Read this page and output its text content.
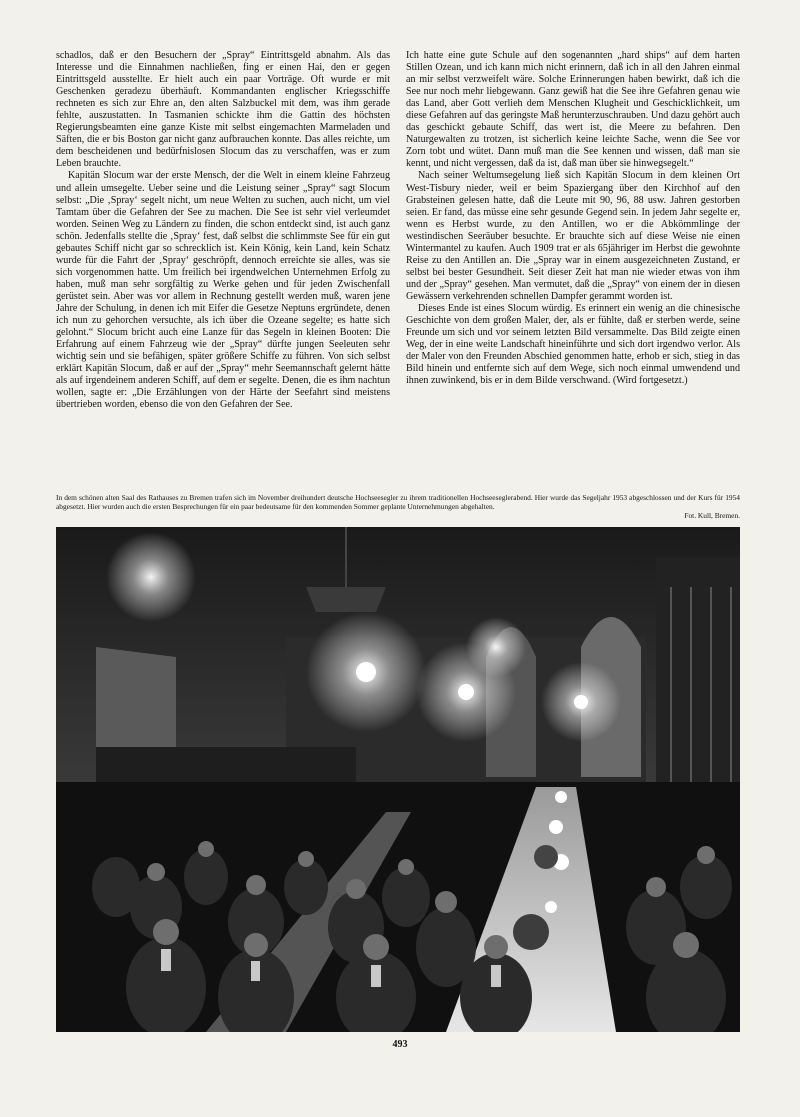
schadlos, daß er den Besuchern der „Spray“ Eintrittsgeld abnahm. Als das Interesse und die Einnahmen nachließen, fing er einen Hai, den er gegen Eintrittsgeld ausstellte. Er hielt auch ein paar Vorträge. Oft wurde er mit Geschenken geradezu überhäuft. Kommandanten englischer Kriegsschiffe rechneten es sich zur Ehre an, den alten Salzbuckel mit dem, was ihm gerade fehlte, auszustatten. In Tasmanien schickte ihm die Gattin des höchsten Regierungsbeamten eine ganze Kiste mit selbst eingemachten Marmeladen und Säften, die er bis Boston gar nicht ganz aufbrauchen konnte. Das alles reichte, um dem bescheidenen und bedürfnislosen Slocum das zu verschaffen, was er zum Leben brauchte.

Kapitän Slocum war der erste Mensch, der die Welt in einem kleine Fahrzeug und allein umsegelte. Ueber seine und die Leistung seiner „Spray“ sagt Slocum selbst: „Die ‚Spray‘ segelt nicht, um neue Welten zu suchen, auch nicht, um viel Tamtam über die Gefahren der See zu machen. Die See ist sehr viel verleumdet worden. Seinen Weg zu Ländern zu finden, die schon entdeckt sind, ist auch ganz schön. Jedenfalls stellte die ‚Spray‘ fest, daß selbst die schlimmste See für ein gut gebautes Schiff nicht gar so schrecklich ist. Kein König, kein Land, kein Schatz wurde für die Fahrt der ‚Spray‘ geschröpft, dennoch erreichte sie alles, was sie sich vorgenommen hatte. Um freilich bei irgendwelchen Unternehmen Erfolg zu haben, muß man sehr sorgfältig zu Werke gehen und für jeden Zwischenfall gerüstet sein. Aber was vor allem in Rechnung gestellt werden muß, waren jene Jahre der Schulung, in denen ich mit Eifer die Gesetze Neptuns ergründete, denen ich nun zu gehorchen versuchte, als ich über die Ozeane segelte; es hatte sich gelohnt.“ Slocum bricht auch eine Lanze für das Segeln in kleinen Booten: Die Erfahrung auf einem Fahrzeug wie der „Spray“ dürfte jungen Seeleuten sehr wichtig sein und sie befähigen, später größere Schiffe zu führen. Von sich selbst erklärt Kapitän Slocum, daß er auf der „Spray“ mehr Seemannschaft gelernt hätte als auf irgendeinem anderen Schiff, auf dem er segelte. Denen, die es ihm nachtun wollen, sagte er: „Die Erzählungen von der Härte der Seefahrt sind meistens übertrieben worden, ebenso die von den Gefahren der See.

Ich hatte eine gute Schule auf den sogenannten „hard ships“ auf dem harten Stillen Ozean, und ich kann mich nicht erinnern, daß ich in all den Jahren einmal an mir selbst verzweifelt wäre. Solche Erinnerungen haben bewirkt, daß ich die See nur noch mehr liebgewann. Ganz gewiß hat die See ihre Gefahren genau wie das Land, aber Gott verlieh dem Menschen Klugheit und Geschicklichkeit, um diese Gefahren auf das geringste Maß herunterzuschrauben. Und dazu gehört auch das geschickt gebaute Schiff, das wert ist, die Meere zu befahren. Den Naturgewalten zu trotzen, ist sicherlich keine leichte Sache, wenn die See vor Zorn tobt und wütet. Dann muß man die See kennen und wissen, daß man sie kennt, und nicht vergessen, daß da ist, daß man über sie hinwegsegelt.“

Nach seiner Weltumsegelung ließ sich Kapitän Slocum in dem kleinen Ort West-Tisbury nieder, weil er beim Spaziergang über den Kirchhof auf den Grabsteinen gelesen hatte, daß die Leute mit 90, 96, 88 usw. Jahren gestorben seien. Er fand, das müsse eine sehr gesunde Gegend sein. In jedem Jahr segelte er, wenn es Herbst wurde, zu den Antillen, wo er die Abkömmlinge der westindischen Seeräuber besuchte. Er brauchte sich auf diese Weise nie einen Wintermantel zu kaufen. Auch 1909 trat er als 65jähriger im Herbst die gewohnte Reise zu den Antillen an. Die „Spray war in einem ausgezeichneten Zustand, er selbst bei bester Gesundheit. Seit dieser Zeit hat man nie wieder etwas von ihm und der „Spray“ gesehen. Man vermutet, daß die „Spray“ von einem der in diesen Gewässern verkehrenden schnellen Dampfer gerammt worden ist.

Dieses Ende ist eines Slocum würdig. Es erinnert ein wenig an die chinesische Geschichte von dem großen Maler, der, als er fühlte, daß er sterben werde, seine Freunde um sich und vor seinem letzten Bild versammelte. Das Bild zeigte einen Weg, der in eine weite Landschaft hineinführte und sich dort irgendwo verlor. Als der Maler von den Freunden Abschied genommen hatte, erhob er sich, stieg in das Bild hinein und entfernte sich auf dem Wege, sich noch einmal umwendend und ihnen zuwinkend, bis er in dem Bilde verschwand. (Wird fortgesetzt.)

In dem schönen alten Saal des Rathauses zu Bremen trafen sich im November dreihundert deutsche Hochseesegler zu ihrem traditionellen Hochseeseglerabend. Hier wurde das Segeljahr 1953 abgeschlossen und der Kurs für 1954 abgesetzt. Hier wurden auch die ersten Besprechungen für ein paar bedeutsame für den kommenden Sommer geplante Unternehmungen abgehalten.
Fot. Kull, Bremen.
493
